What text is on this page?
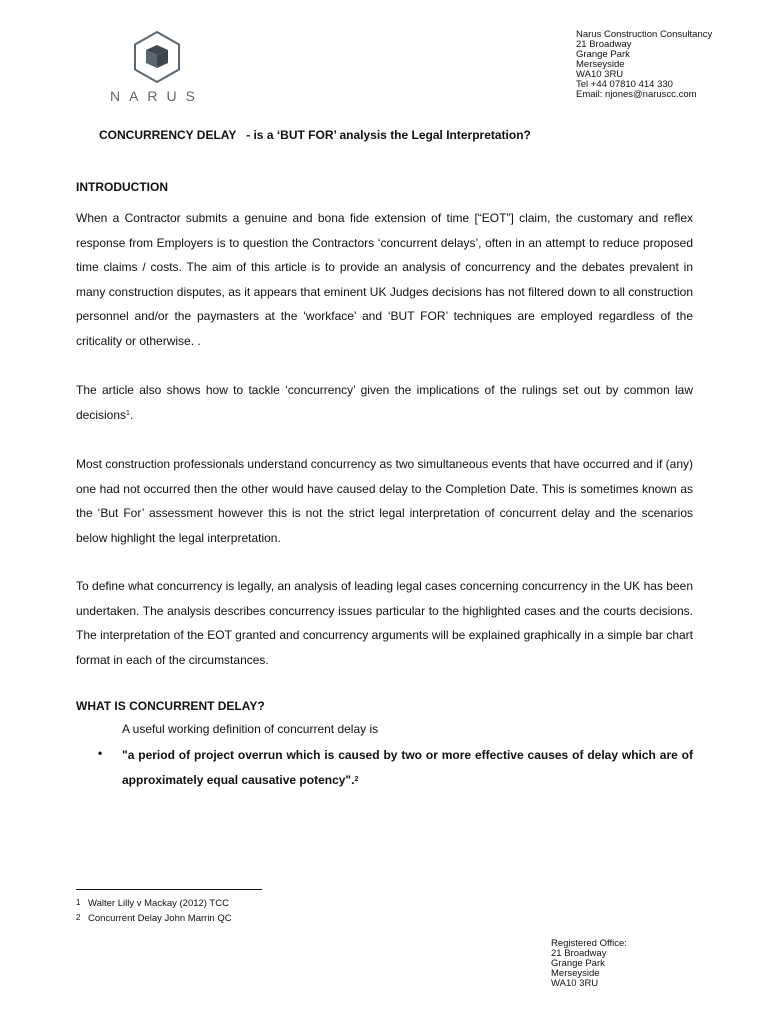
NARUS
Narus Construction Consultancy
21 Broadway
Grange Park
Merseyside
WA10 3RU
Tel +44 07810 414 330
Email: njones@naruscc.com
CONCURRENCY DELAY   - is a ‘BUT FOR’ analysis the Legal Interpretation?
INTRODUCTION
When a Contractor submits a genuine and bona fide extension of time [“EOT”] claim, the customary and reflex response from Employers is to question the Contractors ‘concurrent delays’, often in an attempt to reduce proposed time claims / costs. The aim of this article is to provide an analysis of concurrency and the debates prevalent in many construction disputes, as it appears that eminent UK Judges decisions has not filtered down to all construction personnel and/or the paymasters at the ‘workface’ and ‘BUT FOR’ techniques are employed regardless of the criticality or otherwise. .
The article also shows how to tackle ‘concurrency’ given the implications of the rulings set out by common law decisions$^1$.
Most construction professionals understand concurrency as two simultaneous events that have occurred and if (any) one had not occurred then the other would have caused delay to the Completion Date. This is sometimes known as the ‘But For’ assessment however this is not the strict legal interpretation of concurrent delay and the scenarios below highlight the legal interpretation.
To define what concurrency is legally, an analysis of leading legal cases concerning concurrency in the UK has been undertaken. The analysis describes concurrency issues particular to the highlighted cases and the courts decisions. The interpretation of the EOT granted and concurrency arguments will be explained graphically in a simple bar chart format in each of the circumstances.
WHAT IS CONCURRENT DELAY?
A useful working definition of concurrent delay is
• "a period of project overrun which is caused by two or more effective causes of delay which are of approximately equal causative potency".$^2$
1 Walter Lilly v Mackay (2012) TCC
2 Concurrent Delay John Marrin QC
Registered Office:
21 Broadway
Grange Park
Merseyside
WA10 3RU
